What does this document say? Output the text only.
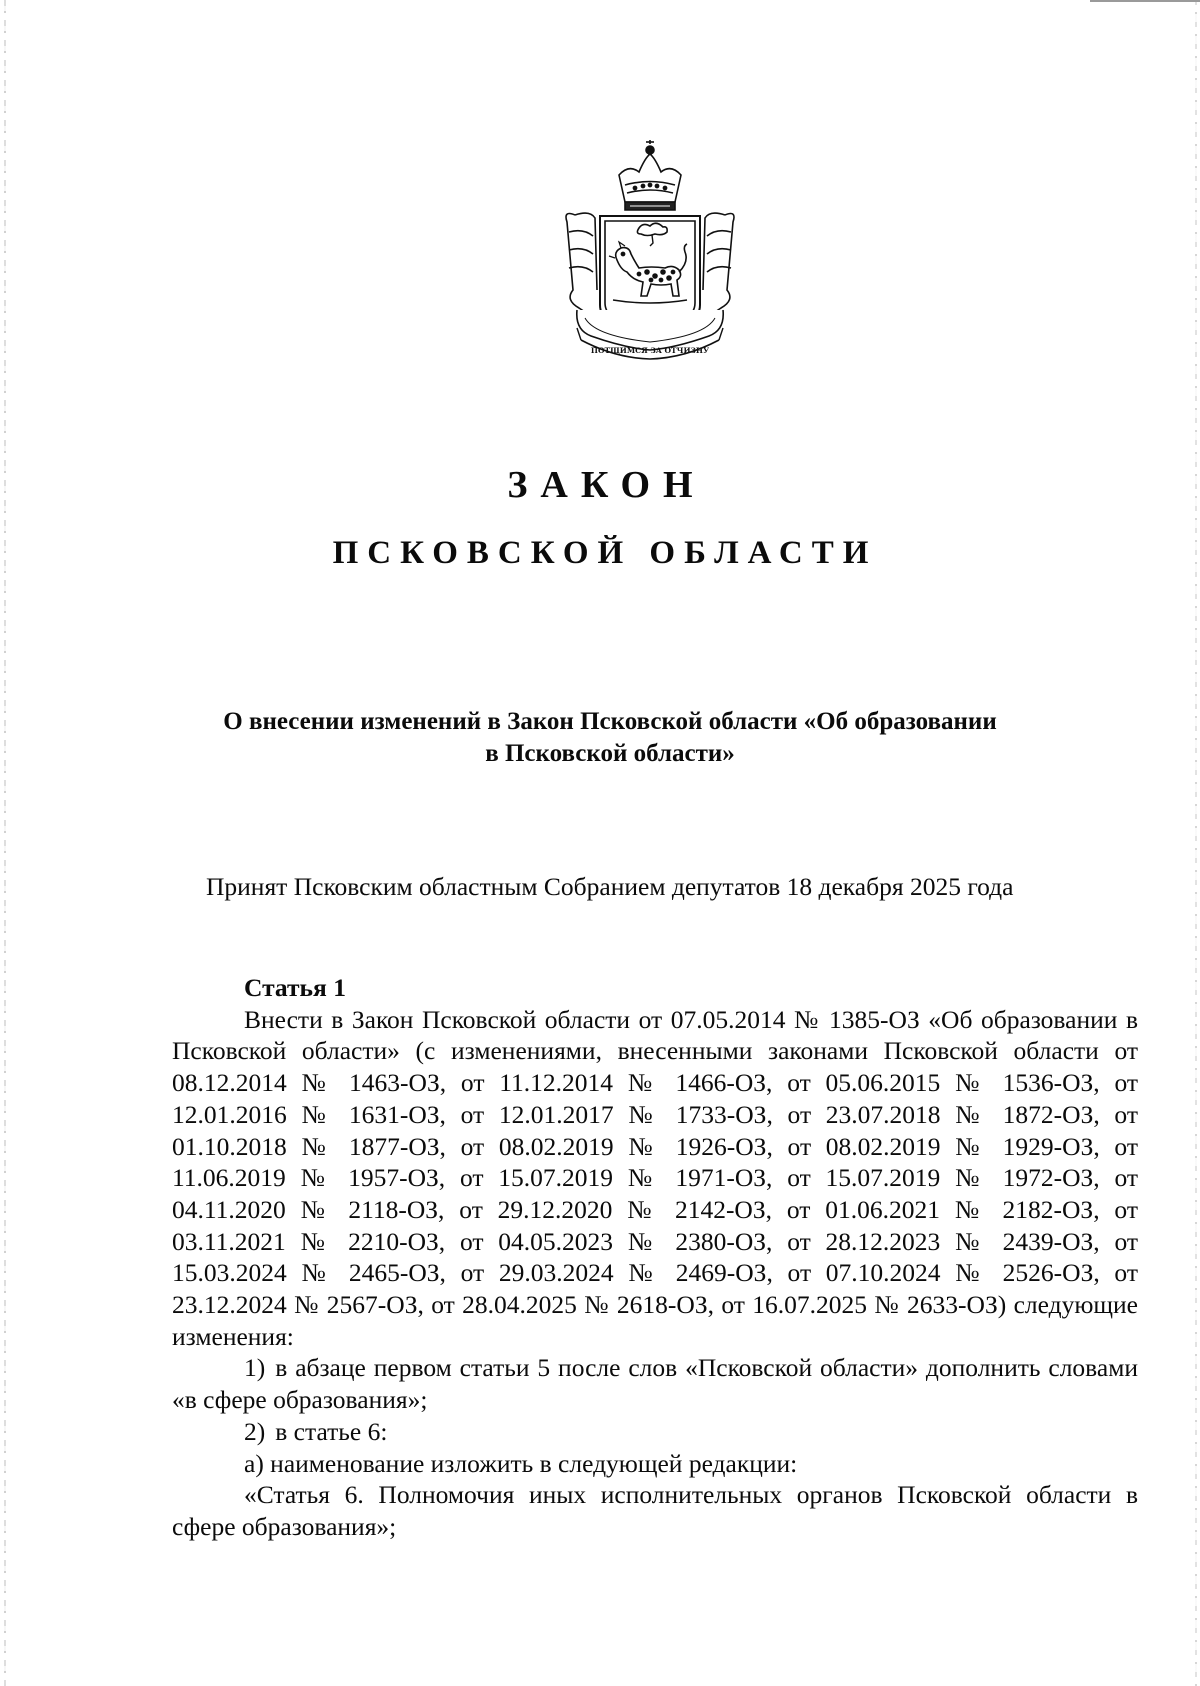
ПОТЩИМСЯ ЗА ОТЧИЗНУ
ЗАКОН
ПСКОВСКОЙ ОБЛАСТИ
О внесении изменений в Закон Псковской области «Об образовании
в Псковской области»
Принят Псковским областным Собранием депутатов 18 декабря 2025 года
Статья 1

Внести в Закон Псковской области от 07.05.2014 № 1385-ОЗ «Об образовании в Псковской области» (с изменениями, внесенными законами Псковской области от 08.12.2014 № 1463-ОЗ, от 11.12.2014 № 1466-ОЗ, от 05.06.2015 № 1536-ОЗ, от 12.01.2016 № 1631-ОЗ, от 12.01.2017 № 1733-ОЗ, от 23.07.2018 № 1872-ОЗ, от 01.10.2018 № 1877-ОЗ, от 08.02.2019 № 1926-ОЗ, от 08.02.2019 № 1929-ОЗ, от 11.06.2019 № 1957-ОЗ, от 15.07.2019 № 1971-ОЗ, от 15.07.2019 № 1972-ОЗ, от 04.11.2020 № 2118-ОЗ, от 29.12.2020 № 2142-ОЗ, от 01.06.2021 № 2182-ОЗ, от 03.11.2021 № 2210-ОЗ, от 04.05.2023 № 2380-ОЗ, от 28.12.2023 № 2439-ОЗ, от 15.03.2024 № 2465-ОЗ, от 29.03.2024 № 2469-ОЗ, от 07.10.2024 № 2526-ОЗ, от 23.12.2024 № 2567-ОЗ, от 28.04.2025 № 2618-ОЗ, от 16.07.2025 № 2633-ОЗ) следующие изменения:

1) в абзаце первом статьи 5 после слов «Псковской области» дополнить словами «в сфере образования»;

2) в статье 6:

а) наименование изложить в следующей редакции:

«Статья 6. Полномочия иных исполнительных органов Псковской области в сфере образования»;
